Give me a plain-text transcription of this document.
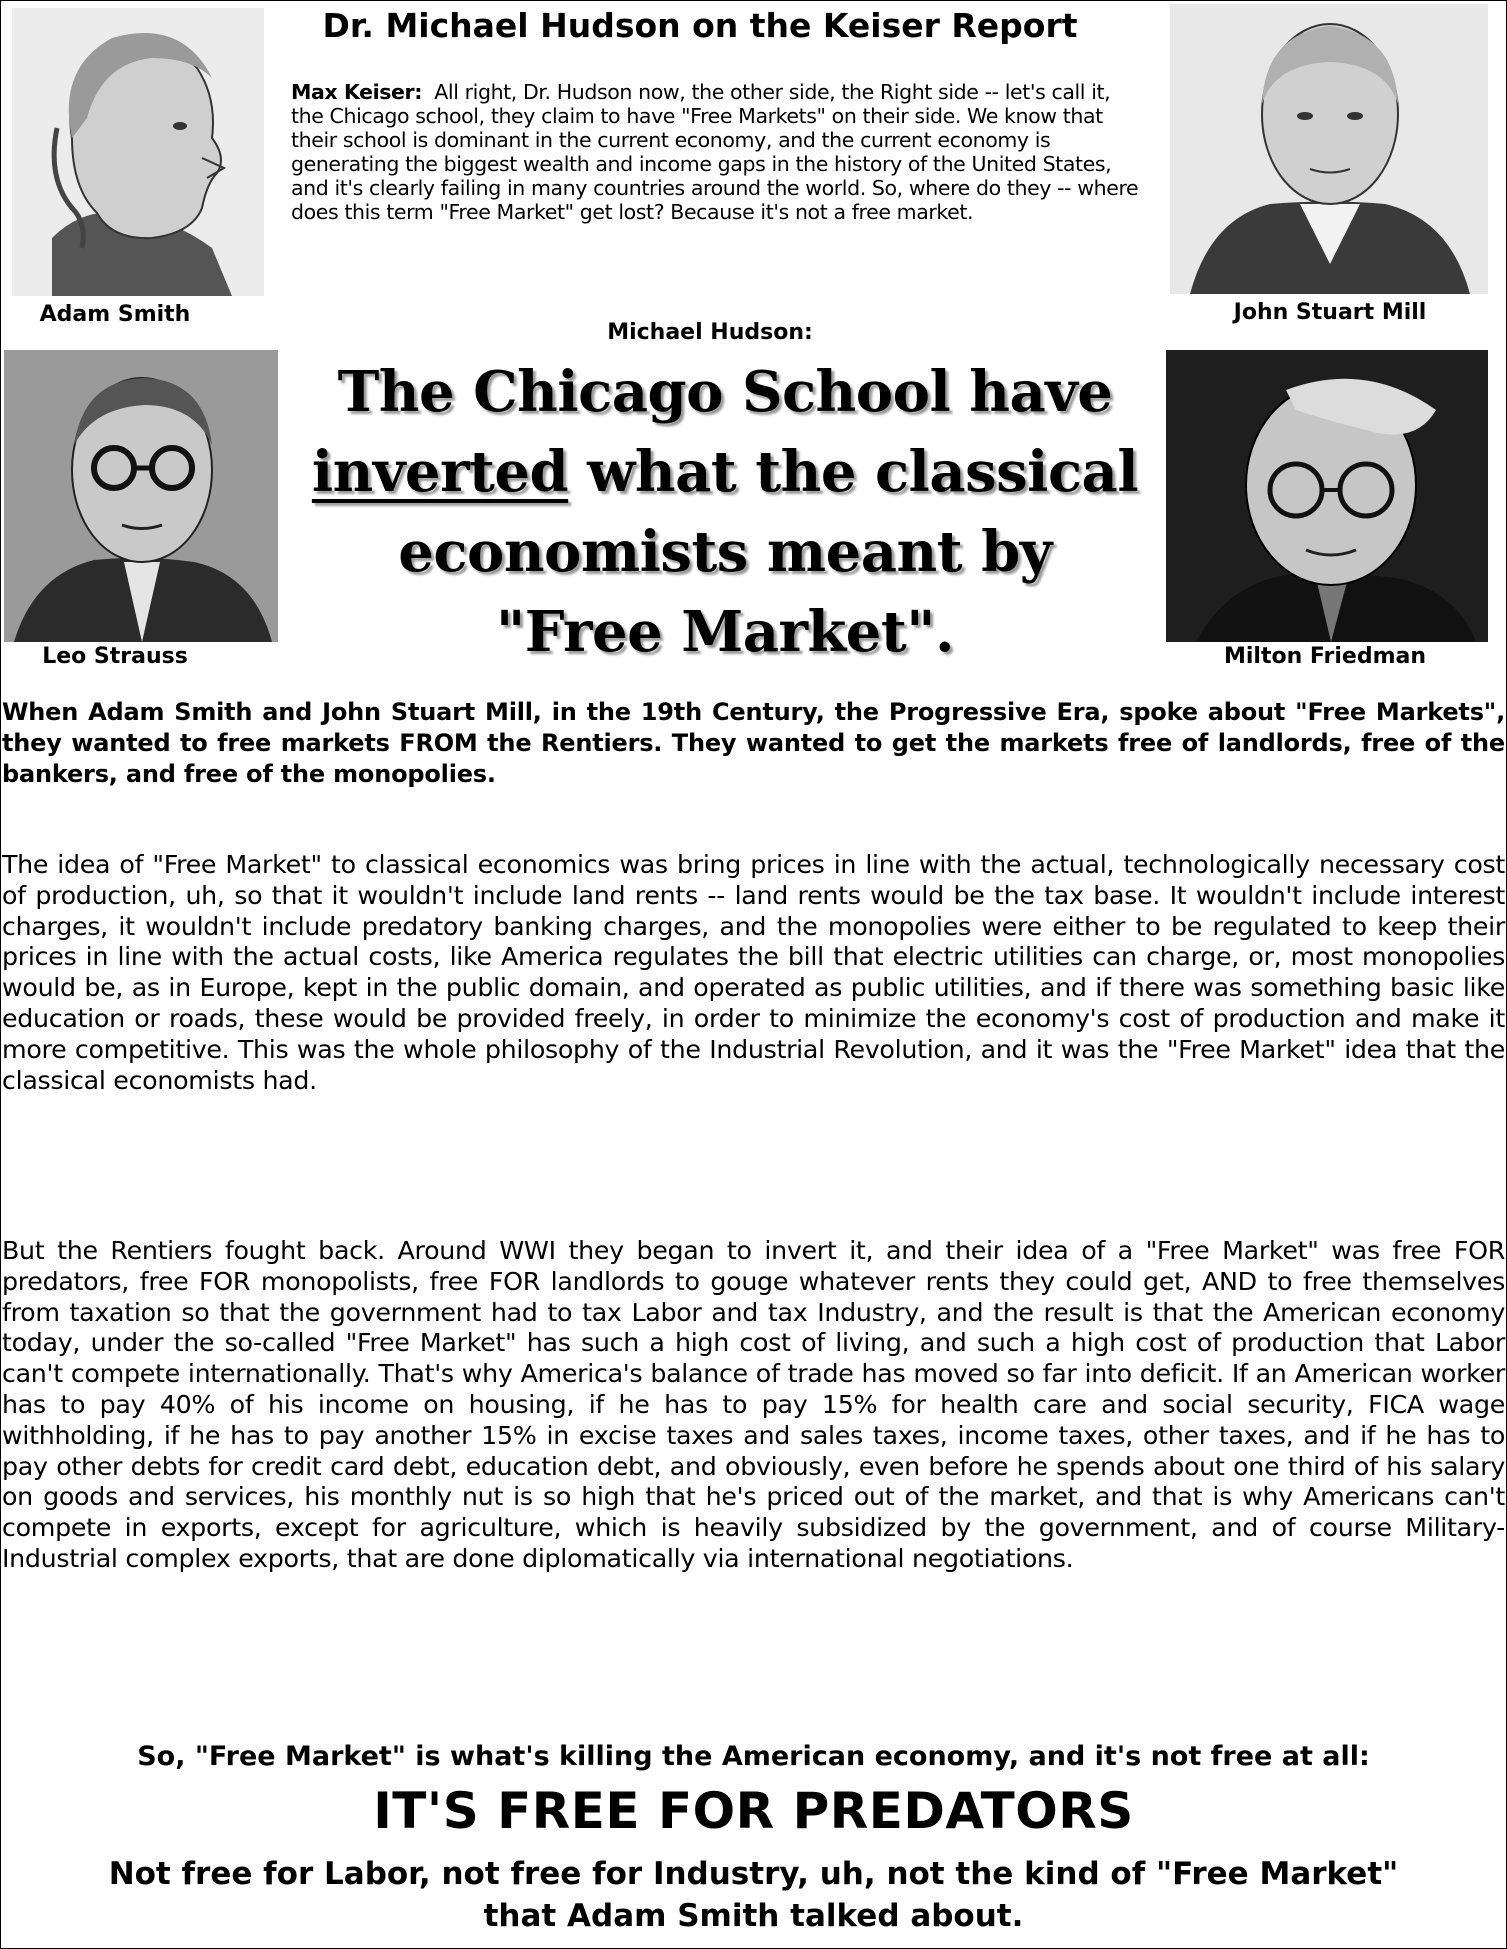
Dr. Michael Hudson on the Keiser Report
Adam Smith	John Stuart Mill
Leo Strauss	Milton Friedman
Max Keiser: All right, Dr. Hudson now, the other side, the Right side -- let's call it, the Chicago school, they claim to have "Free Markets" on their side. We know that their school is dominant in the current economy, and the current economy is generating the biggest wealth and income gaps in the history of the United States, and it's clearly failing in many countries around the world. So, where do they -- where does this term "Free Market" get lost? Because it's not a free market.
Michael Hudson:
The Chicago School have
inverted what the classical
economists meant by
"Free Market".
When Adam Smith and John Stuart Mill, in the 19th Century, the Progressive Era, spoke about "Free Markets", they wanted to free markets FROM the Rentiers. They wanted to get the markets free of landlords, free of the bankers, and free of the monopolies.
The idea of "Free Market" to classical economics was bring prices in line with the actual, technologically necessary cost of production, uh, so that it wouldn't include land rents -- land rents would be the tax base. It wouldn't include interest charges, it wouldn't include predatory banking charges, and the monopolies were either to be regulated to keep their prices in line with the actual costs, like America regulates the bill that electric utilities can charge, or, most monopolies would be, as in Europe, kept in the public domain, and operated as public utilities, and if there was something basic like education or roads, these would be provided freely, in order to minimize the economy's cost of production and make it more competitive. This was the whole philosophy of the Industrial Revolution, and it was the "Free Market" idea that the classical economists had.
But the Rentiers fought back. Around WWI they began to invert it, and their idea of a "Free Market" was free FOR predators, free FOR monopolists, free FOR landlords to gouge whatever rents they could get, AND to free themselves from taxation so that the government had to tax Labor and tax Industry, and the result is that the American economy today, under the so-called "Free Market" has such a high cost of living, and such a high cost of production that Labor can't compete internationally. That's why America's balance of trade has moved so far into deficit. If an American worker has to pay 40% of his income on housing, if he has to pay 15% for health care and social security, FICA wage withholding, if he has to pay another 15% in excise taxes and sales taxes, income taxes, other taxes, and if he has to pay other debts for credit card debt, education debt, and obviously, even before he spends about one third of his salary on goods and services, his monthly nut is so high that he's priced out of the market, and that is why Americans can't compete in exports, except for agriculture, which is heavily subsidized by the government, and of course Military-Industrial complex exports, that are done diplomatically via international negotiations.
So, "Free Market" is what's killing the American economy, and it's not free at all:
IT'S FREE FOR PREDATORS
Not free for Labor, not free for Industry, uh, not the kind of "Free Market"
that Adam Smith talked about.
